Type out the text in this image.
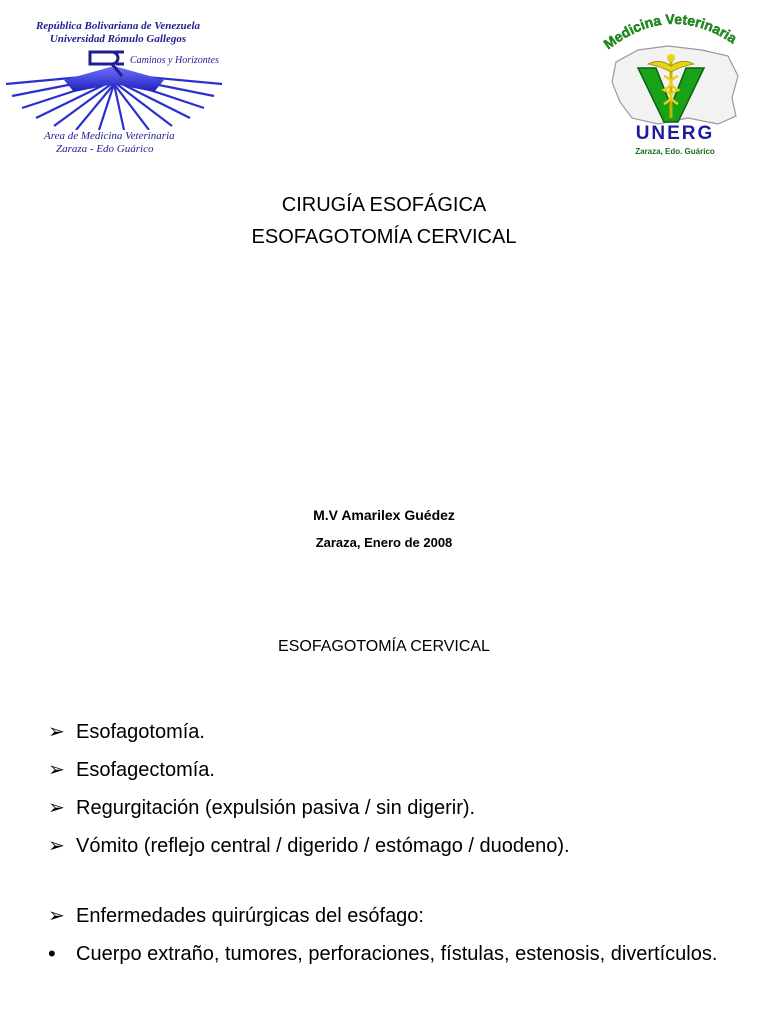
República Bolivariana de Venezuela
Universidad Rómulo Gallegos
Caminos y Horizontes
Area de Medicina Veterinaria
Zaraza - Edo Guárico
Medicina Veterinaria
UNERG
Zaraza, Edo. Guárico
CIRUGÍA ESOFÁGICA
ESOFAGOTOMÍA CERVICAL
M.V Amarilex Guédez
Zaraza, Enero de 2008
ESOFAGOTOMÍA CERVICAL
➢ Esofagotomía.
➢ Esofagectomía.
➢ Regurgitación (expulsión pasiva / sin digerir).
➢ Vómito (reflejo central / digerido / estómago / duodeno).
➢ Enfermedades quirúrgicas del esófago:
•	Cuerpo extraño, tumores, perforaciones, fístulas, estenosis, divertículos.
